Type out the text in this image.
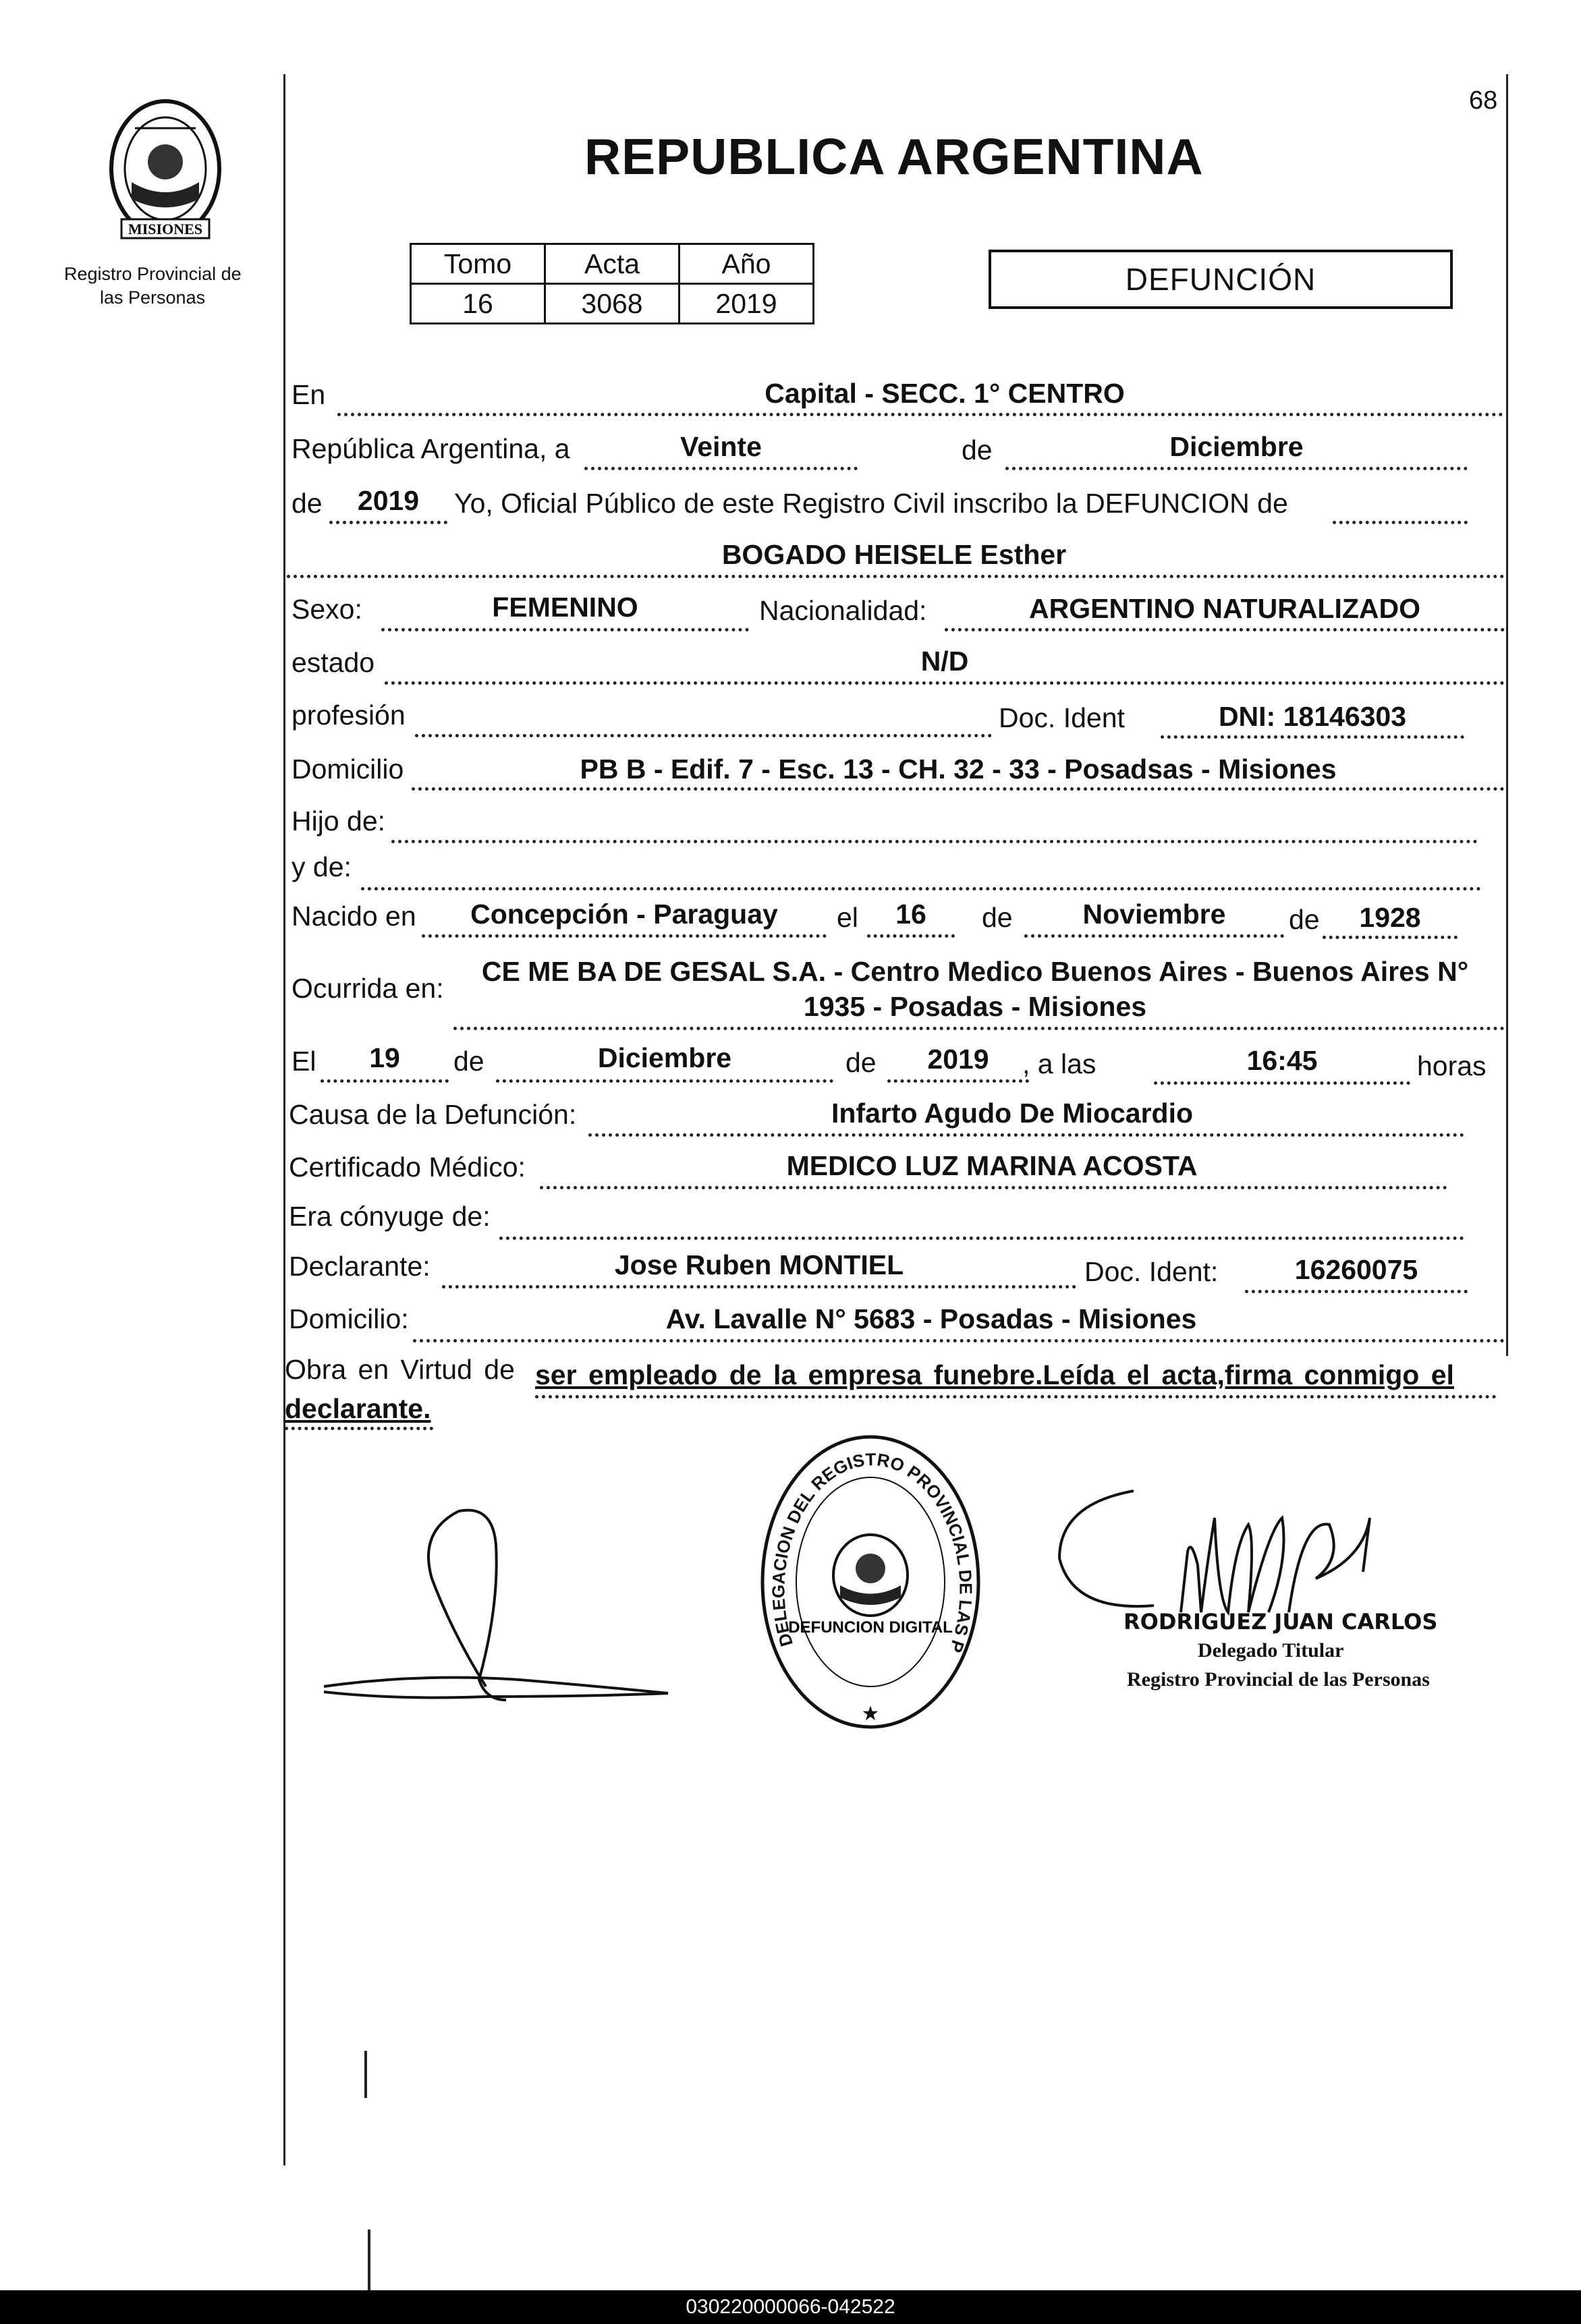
68
MISIONES
Registro Provincial de
las Personas
REPUBLICA ARGENTINA
Tomo	Acta	Año
16	3068	2019
DEFUNCIÓN
En	Capital - SECC. 1° CENTRO
República Argentina, a	Veinte	de	Diciembre
de	2019	Yo, Oficial Público de este Registro Civil inscribo la DEFUNCION de
BOGADO HEISELE Esther
Sexo:	FEMENINO	Nacionalidad:	ARGENTINO NATURALIZADO
estado	N/D
profesión	Doc. Ident	DNI: 18146303
Domicilio	PB B - Edif. 7 - Esc. 13 - CH. 32 - 33 - Posadsas - Misiones
Hijo de:
y de:
Nacido en	Concepción - Paraguay	el	16	de	Noviembre	de	1928
Ocurrida en:
CE ME BA DE GESAL S.A. - Centro Medico Buenos Aires - Buenos Aires N°
1935 - Posadas - Misiones
El	19	de	Diciembre	de	2019	, a las	16:45	horas
Causa de la Defunción:	Infarto Agudo De Miocardio
Certificado Médico:	MEDICO LUZ MARINA ACOSTA
Era cónyuge de:
Declarante:	Jose Ruben MONTIEL	Doc. Ident:	16260075
Domicilio:	Av. Lavalle N° 5683 - Posadas - Misiones
Obra en Virtud de ser empleado de la empresa funebre.Leída el acta,firma conmigo el
declarante.
DELEGACION DEL REGISTRO PROVINCIAL DE LAS P
DEFUNCION DIGITAL
★
RODRIGUEZ JUAN CARLOS
Delegado Titular
Registro Provincial de las Personas
030220000066-042522
